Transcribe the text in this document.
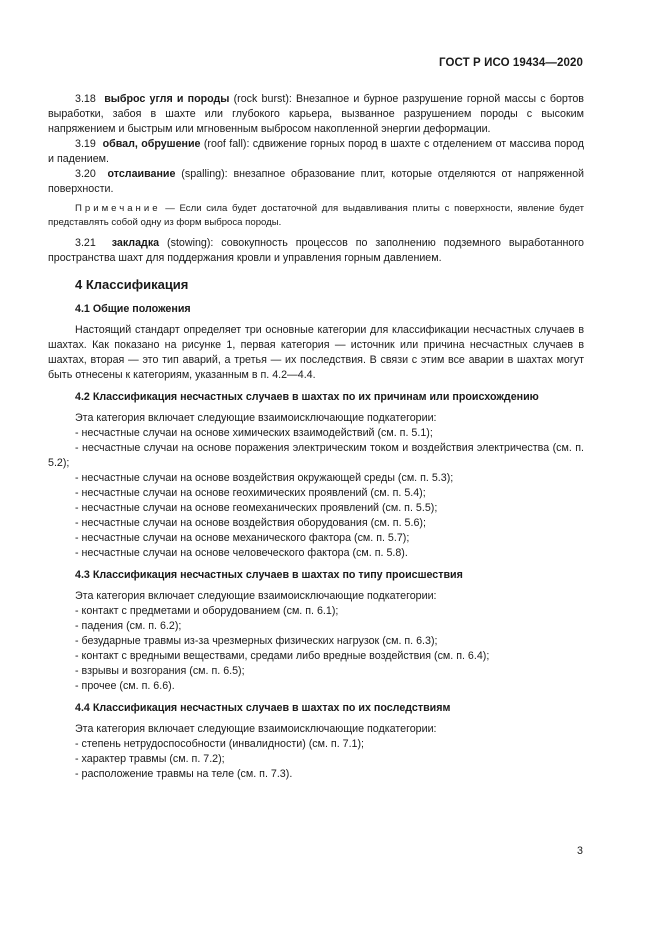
ГОСТ Р ИСО 19434—2020

3.18 выброс угля и породы (rock burst): Внезапное и бурное разрушение горной массы с бортов выработки, забоя в шахте или глубокого карьера, вызванное разрушением породы с высоким напряжением и быстрым или мгновенным выбросом накопленной энергии деформации.

3.19 обвал, обрушение (roof fall): сдвижение горных пород в шахте с отделением от массива пород и падением.

3.20 отслаивание (spalling): внезапное образование плит, которые отделяются от напряженной поверхности.

Примечание — Если сила будет достаточной для выдавливания плиты с поверхности, явление будет представлять собой одну из форм выброса породы.

3.21 закладка (stowing): совокупность процессов по заполнению подземного выработанного пространства шахт для поддержания кровли и управления горным давлением.

4 Классификация
4.1 Общие положения

Настоящий стандарт определяет три основные категории для классификации несчастных случаев в шахтах. Как показано на рисунке 1, первая категория — источник или причина несчастных случаев в шахтах, вторая — это тип аварий, а третья — их последствия. В связи с этим все аварии в шахтах могут быть отнесены к категориям, указанным в п. 4.2—4.4.

4.2 Классификация несчастных случаев в шахтах по их причинам или происхождению

Эта категория включает следующие взаимоисключающие подкатегории:

- несчастные случаи на основе химических взаимодействий (см. п. 5.1);

- несчастные случаи на основе поражения электрическим током и воздействия электричества (см. п. 5.2);

- несчастные случаи на основе воздействия окружающей среды (см. п. 5.3);

- несчастные случаи на основе геохимических проявлений (см. п. 5.4);

- несчастные случаи на основе геомеханических проявлений (см. п. 5.5);

- несчастные случаи на основе воздействия оборудования (см. п. 5.6);

- несчастные случаи на основе механического фактора (см. п. 5.7);

- несчастные случаи на основе человеческого фактора (см. п. 5.8).

4.3 Классификация несчастных случаев в шахтах по типу происшествия

Эта категория включает следующие взаимоисключающие подкатегории:

- контакт с предметами и оборудованием (см. п. 6.1);

- падения (см. п. 6.2);

- безударные травмы из-за чрезмерных физических нагрузок (см. п. 6.3);

- контакт с вредными веществами, средами либо вредные воздействия (см. п. 6.4);

- взрывы и возгорания (см. п. 6.5);

- прочее (см. п. 6.6).

4.4 Классификация несчастных случаев в шахтах по их последствиям

Эта категория включает следующие взаимоисключающие подкатегории:

- степень нетрудоспособности (инвалидности) (см. п. 7.1);

- характер травмы (см. п. 7.2);

- расположение травмы на теле (см. п. 7.3).

3
